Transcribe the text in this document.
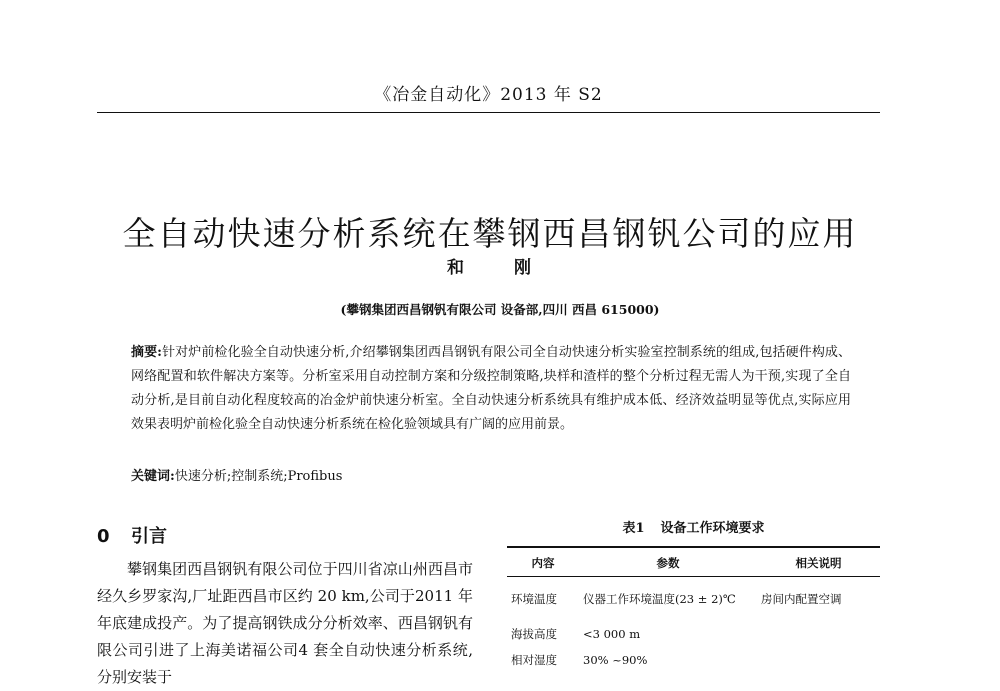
《冶金自动化》2013 年 S2
全自动快速分析系统在攀钢西昌钢钒公司的应用
和 刚
(攀钢集团西昌钢钒有限公司 设备部,四川 西昌 615000)
摘要:针对炉前检化验全自动快速分析,介绍攀钢集团西昌钢钒有限公司全自动快速分析实验室控制系统的组成,包括硬件构成、网络配置和软件解决方案等。分析室采用自动控制方案和分级控制策略,块样和渣样的整个分析过程无需人为干预,实现了全自动分析,是目前自动化程度较高的冶金炉前快速分析室。全自动快速分析系统具有维护成本低、经济效益明显等优点,实际应用效果表明炉前检化验全自动快速分析系统在检化验领域具有广阔的应用前景。
关键词:快速分析;控制系统;Profibus
0 引言

攀钢集团西昌钢钒有限公司位于四川省凉山州西昌市经久乡罗家沟,厂址距西昌市区约 20 km,公司于2011 年年底建成投产。为了提高钢铁成分分析效率、西昌钢钒有限公司引进了上海美诺福公司4 套全自动快速分析系统,分别安装于

表1 设备工作环境要求
内容	参数	相关说明
环境温度	仪器工作环境温度(23 ± 2)℃	房间内配置空调
海拔高度	<3 000 m	
相对湿度	30% ~90%	
